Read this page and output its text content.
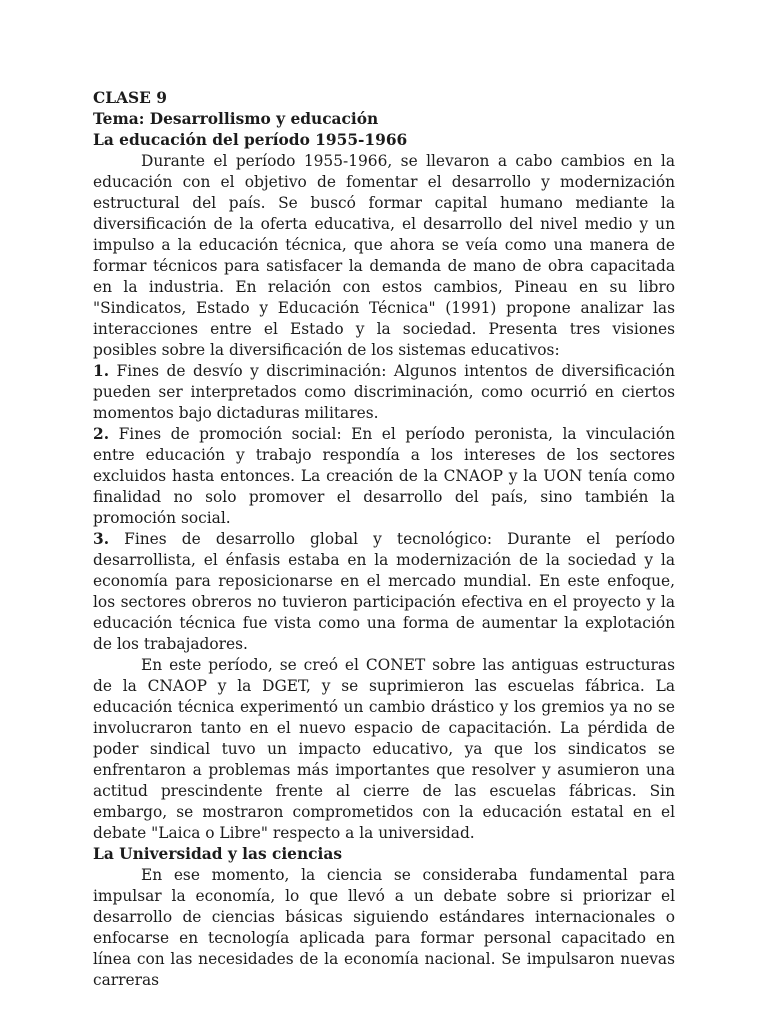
CLASE 9

Tema: Desarrollismo y educación

La educación del período 1955-1966

Durante el período 1955-1966, se llevaron a cabo cambios en la educación con el objetivo de fomentar el desarrollo y modernización estructural del país. Se buscó formar capital humano mediante la diversificación de la oferta educativa, el desarrollo del nivel medio y un impulso a la educación técnica, que ahora se veía como una manera de formar técnicos para satisfacer la demanda de mano de obra capacitada en la industria. En relación con estos cambios, Pineau en su libro "Sindicatos, Estado y Educación Técnica" (1991) propone analizar las interacciones entre el Estado y la sociedad. Presenta tres visiones posibles sobre la diversificación de los sistemas educativos:

1. Fines de desvío y discriminación: Algunos intentos de diversificación pueden ser interpretados como discriminación, como ocurrió en ciertos momentos bajo dictaduras militares.

2. Fines de promoción social: En el período peronista, la vinculación entre educación y trabajo respondía a los intereses de los sectores excluidos hasta entonces. La creación de la CNAOP y la UON tenía como finalidad no solo promover el desarrollo del país, sino también la promoción social.

3. Fines de desarrollo global y tecnológico: Durante el período desarrollista, el énfasis estaba en la modernización de la sociedad y la economía para reposicionarse en el mercado mundial. En este enfoque, los sectores obreros no tuvieron participación efectiva en el proyecto y la educación técnica fue vista como una forma de aumentar la explotación de los trabajadores.

En este período, se creó el CONET sobre las antiguas estructuras de la CNAOP y la DGET, y se suprimieron las escuelas fábrica. La educación técnica experimentó un cambio drástico y los gremios ya no se involucraron tanto en el nuevo espacio de capacitación. La pérdida de poder sindical tuvo un impacto educativo, ya que los sindicatos se enfrentaron a problemas más importantes que resolver y asumieron una actitud prescindente frente al cierre de las escuelas fábricas. Sin embargo, se mostraron comprometidos con la educación estatal en el debate "Laica o Libre" respecto a la universidad.

La Universidad y las ciencias

En ese momento, la ciencia se consideraba fundamental para impulsar la economía, lo que llevó a un debate sobre si priorizar el desarrollo de ciencias básicas siguiendo estándares internacionales o enfocarse en tecnología aplicada para formar personal capacitado en línea con las necesidades de la economía nacional. Se impulsaron nuevas carreras
